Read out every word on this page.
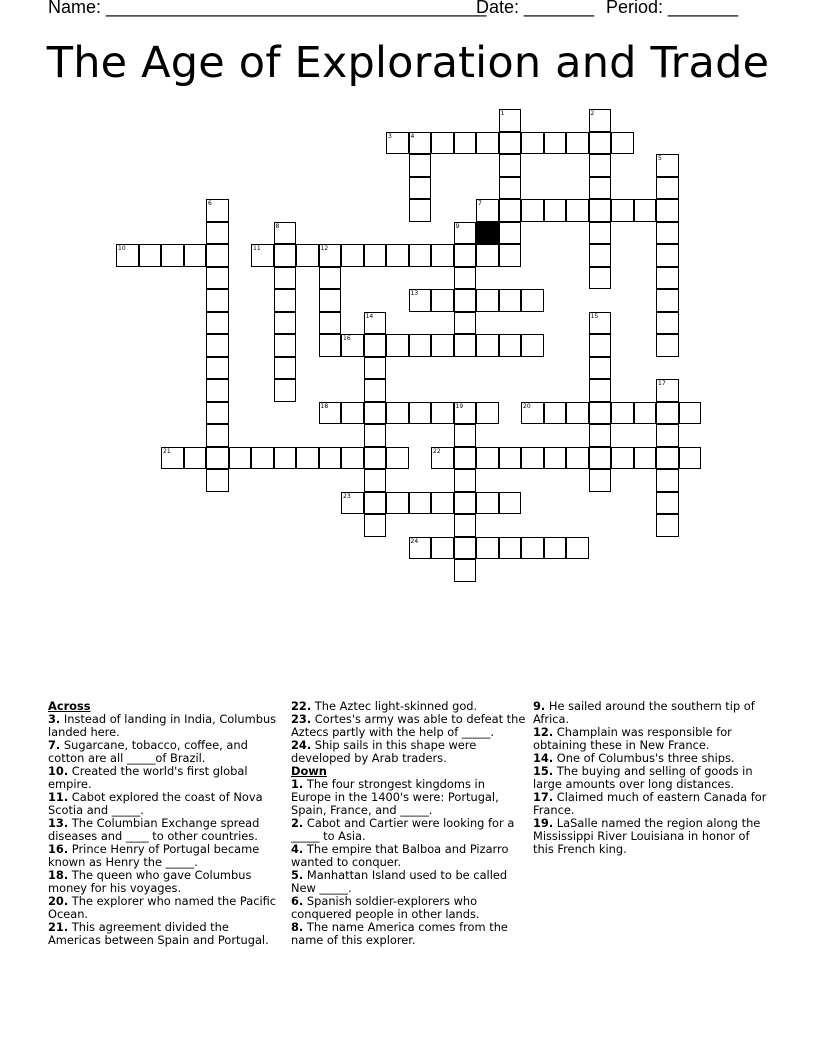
Name: ______________________________________
Date: _______ Period: _______
The Age of Exploration and Trade
1	2
3	4
5
6	7
8	9
10	11	12
13
14	15
16
17
18	19	20
21	22
23
24

Across

3. Instead of landing in India, Columbus landed here.

7. Sugarcane, tobacco, coffee, and cotton are all _____of Brazil.

10. Created the world's first global empire.

11. Cabot explored the coast of Nova Scotia and _____.

13. The Columbian Exchange spread diseases and ____ to other countries.

16. Prince Henry of Portugal became known as Henry the _____.

18. The queen who gave Columbus money for his voyages.

20. The explorer who named the Pacific Ocean.

21. This agreement divided the Americas between Spain and Portugal.

22. The Aztec light-skinned god.

23. Cortes's army was able to defeat the Aztecs partly with the help of _____.

24. Ship sails in this shape were developed by Arab traders.

Down

1. The four strongest kingdoms in Europe in the 1400's were: Portugal, Spain, France, and _____.

2. Cabot and Cartier were looking for a _____ to Asia.

4. The empire that Balboa and Pizarro wanted to conquer.

5. Manhattan Island used to be called New _____.

6. Spanish soldier-explorers who conquered people in other lands.

8. The name America comes from the name of this explorer.

9. He sailed around the southern tip of Africa.

12. Champlain was responsible for obtaining these in New France.

14. One of Columbus's three ships.

15. The buying and selling of goods in large amounts over long distances.

17. Claimed much of eastern Canada for France.

19. LaSalle named the region along the Mississippi River Louisiana in honor of this French king.
